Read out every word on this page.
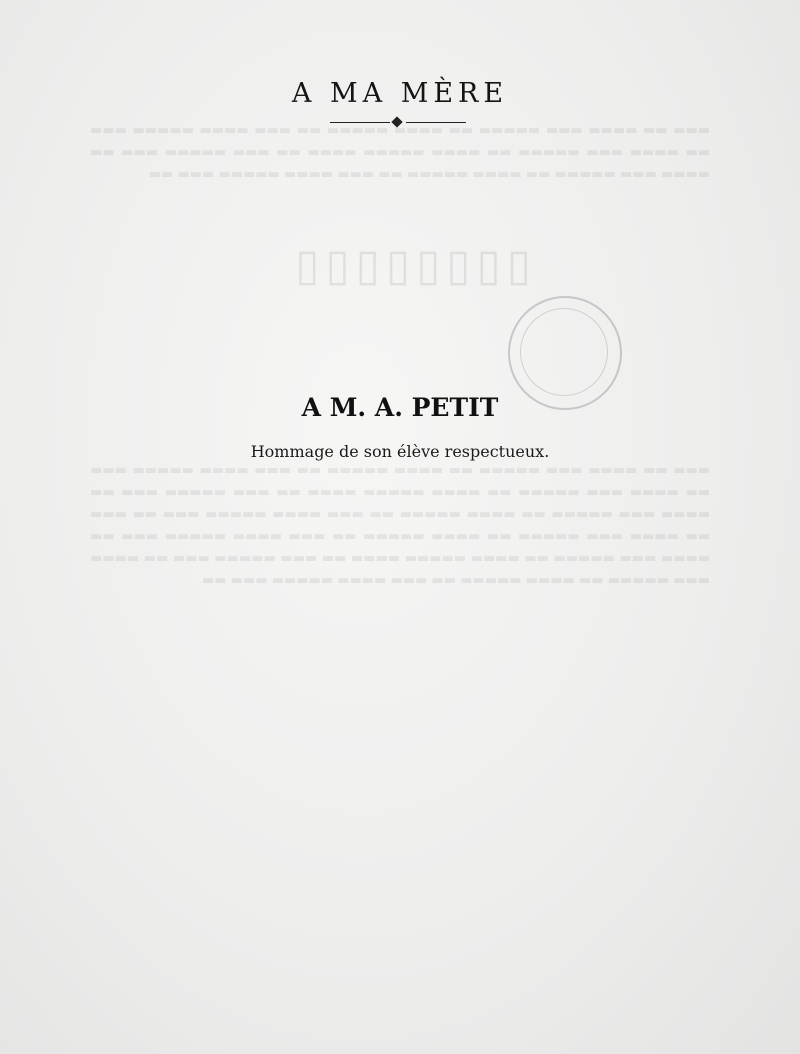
▯▯▯▯▯▯▯▯
▬▬▬ ▬▬ ▬▬▬▬ ▬▬▬ ▬▬▬▬▬ ▬▬ ▬▬▬▬ ▬▬▬▬▬ ▬▬ ▬▬▬ ▬▬▬▬ ▬▬▬▬▬ ▬▬▬ ▬▬ ▬▬▬▬ ▬▬▬ ▬▬▬▬▬ ▬▬ ▬▬▬▬ ▬▬▬▬▬ ▬▬▬▬ ▬▬ ▬▬▬ ▬▬▬▬▬ ▬▬▬ ▬▬ ▬▬▬▬ ▬▬▬ ▬▬▬▬▬ ▬▬ ▬▬▬▬ ▬▬▬▬▬ ▬▬ ▬▬▬ ▬▬▬▬ ▬▬▬▬▬ ▬▬▬ ▬▬
▬▬▬ ▬▬ ▬▬▬▬ ▬▬▬ ▬▬▬▬▬ ▬▬ ▬▬▬▬ ▬▬▬▬▬ ▬▬ ▬▬▬ ▬▬▬▬ ▬▬▬▬▬ ▬▬▬ ▬▬ ▬▬▬▬ ▬▬▬ ▬▬▬▬▬ ▬▬ ▬▬▬▬ ▬▬▬▬▬ ▬▬▬▬ ▬▬ ▬▬▬ ▬▬▬▬▬ ▬▬▬ ▬▬ ▬▬▬▬ ▬▬▬ ▬▬▬▬▬ ▬▬ ▬▬▬▬ ▬▬▬▬▬ ▬▬ ▬▬▬ ▬▬▬▬ ▬▬▬▬▬ ▬▬▬ ▬▬ ▬▬▬ ▬▬ ▬▬▬▬ ▬▬▬ ▬▬▬▬▬ ▬▬ ▬▬▬▬ ▬▬▬▬▬ ▬▬ ▬▬▬ ▬▬▬▬ ▬▬▬▬▬ ▬▬▬ ▬▬ ▬▬▬▬ ▬▬▬ ▬▬▬▬▬ ▬▬ ▬▬▬▬ ▬▬▬▬▬ ▬▬▬▬ ▬▬ ▬▬▬ ▬▬▬▬▬ ▬▬▬ ▬▬ ▬▬▬▬ ▬▬▬ ▬▬▬▬▬ ▬▬ ▬▬▬▬ ▬▬▬▬▬ ▬▬ ▬▬▬ ▬▬▬▬ ▬▬▬▬▬ ▬▬▬ ▬▬
A MA MÈRE
A M. A. PETIT

Hommage de son élève respectueux.
